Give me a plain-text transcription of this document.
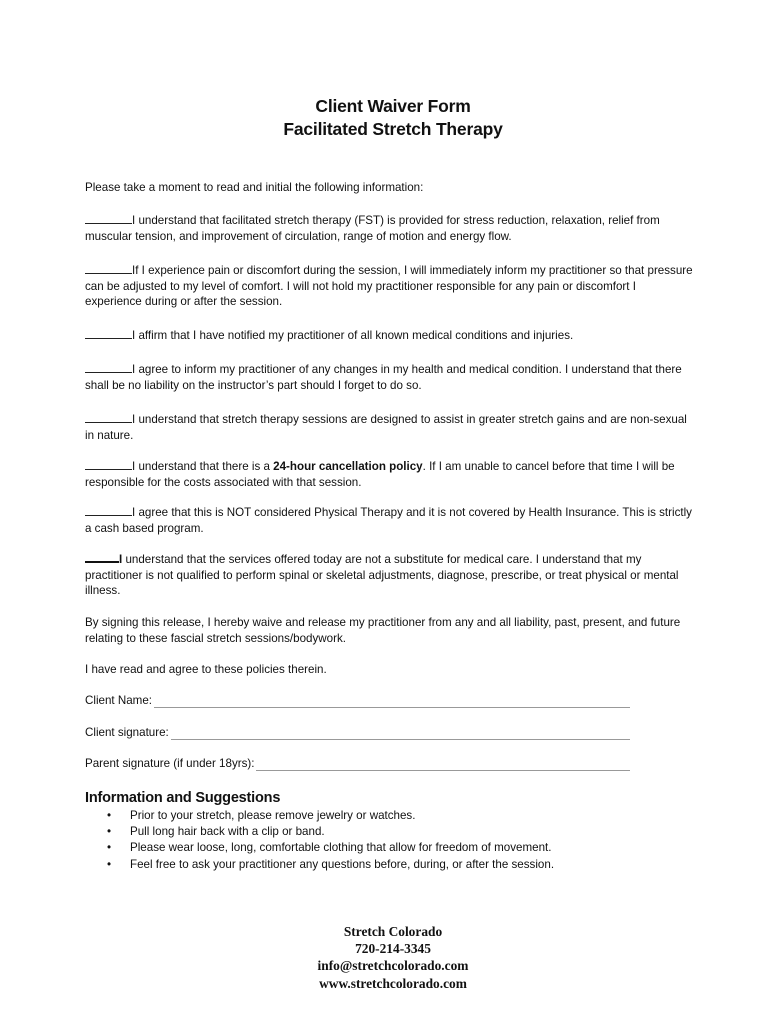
Client Waiver Form
Facilitated Stretch Therapy

Please take a moment to read and initial the following information:

I understand that facilitated stretch therapy (FST) is provided for stress reduction, relaxation, relief from muscular tension, and improvement of circulation, range of motion and energy flow.

If I experience pain or discomfort during the session, I will immediately inform my practitioner so that pressure can be adjusted to my level of comfort. I will not hold my practitioner responsible for any pain or discomfort I experience during or after the session.

I affirm that I have notified my practitioner of all known medical conditions and injuries.

I agree to inform my practitioner of any changes in my health and medical condition. I understand that there shall be no liability on the instructor’s part should I forget to do so.

I understand that stretch therapy sessions are designed to assist in greater stretch gains and are non-sexual in nature.

I understand that there is a 24-hour cancellation policy. If I am unable to cancel before that time I will be responsible for the costs associated with that session.

I agree that this is NOT considered Physical Therapy and it is not covered by Health Insurance. This is strictly a cash based program.

I understand that the services offered today are not a substitute for medical care. I understand that my practitioner is not qualified to perform spinal or skeletal adjustments, diagnose, prescribe, or treat physical or mental illness.

By signing this release, I hereby waive and release my practitioner from any and all liability, past, present, and future relating to these fascial stretch sessions/bodywork.

I have read and agree to these policies therein.

Client Name:
Client signature:
Parent signature (if under 18yrs):
Information and Suggestions
• Prior to your stretch, please remove jewelry or watches.
• Pull long hair back with a clip or band.
• Please wear loose, long, comfortable clothing that allow for freedom of movement.
• Feel free to ask your practitioner any questions before, during, or after the session.
Stretch Colorado
720-214-3345
info@stretchcolorado.com
www.stretchcolorado.com
